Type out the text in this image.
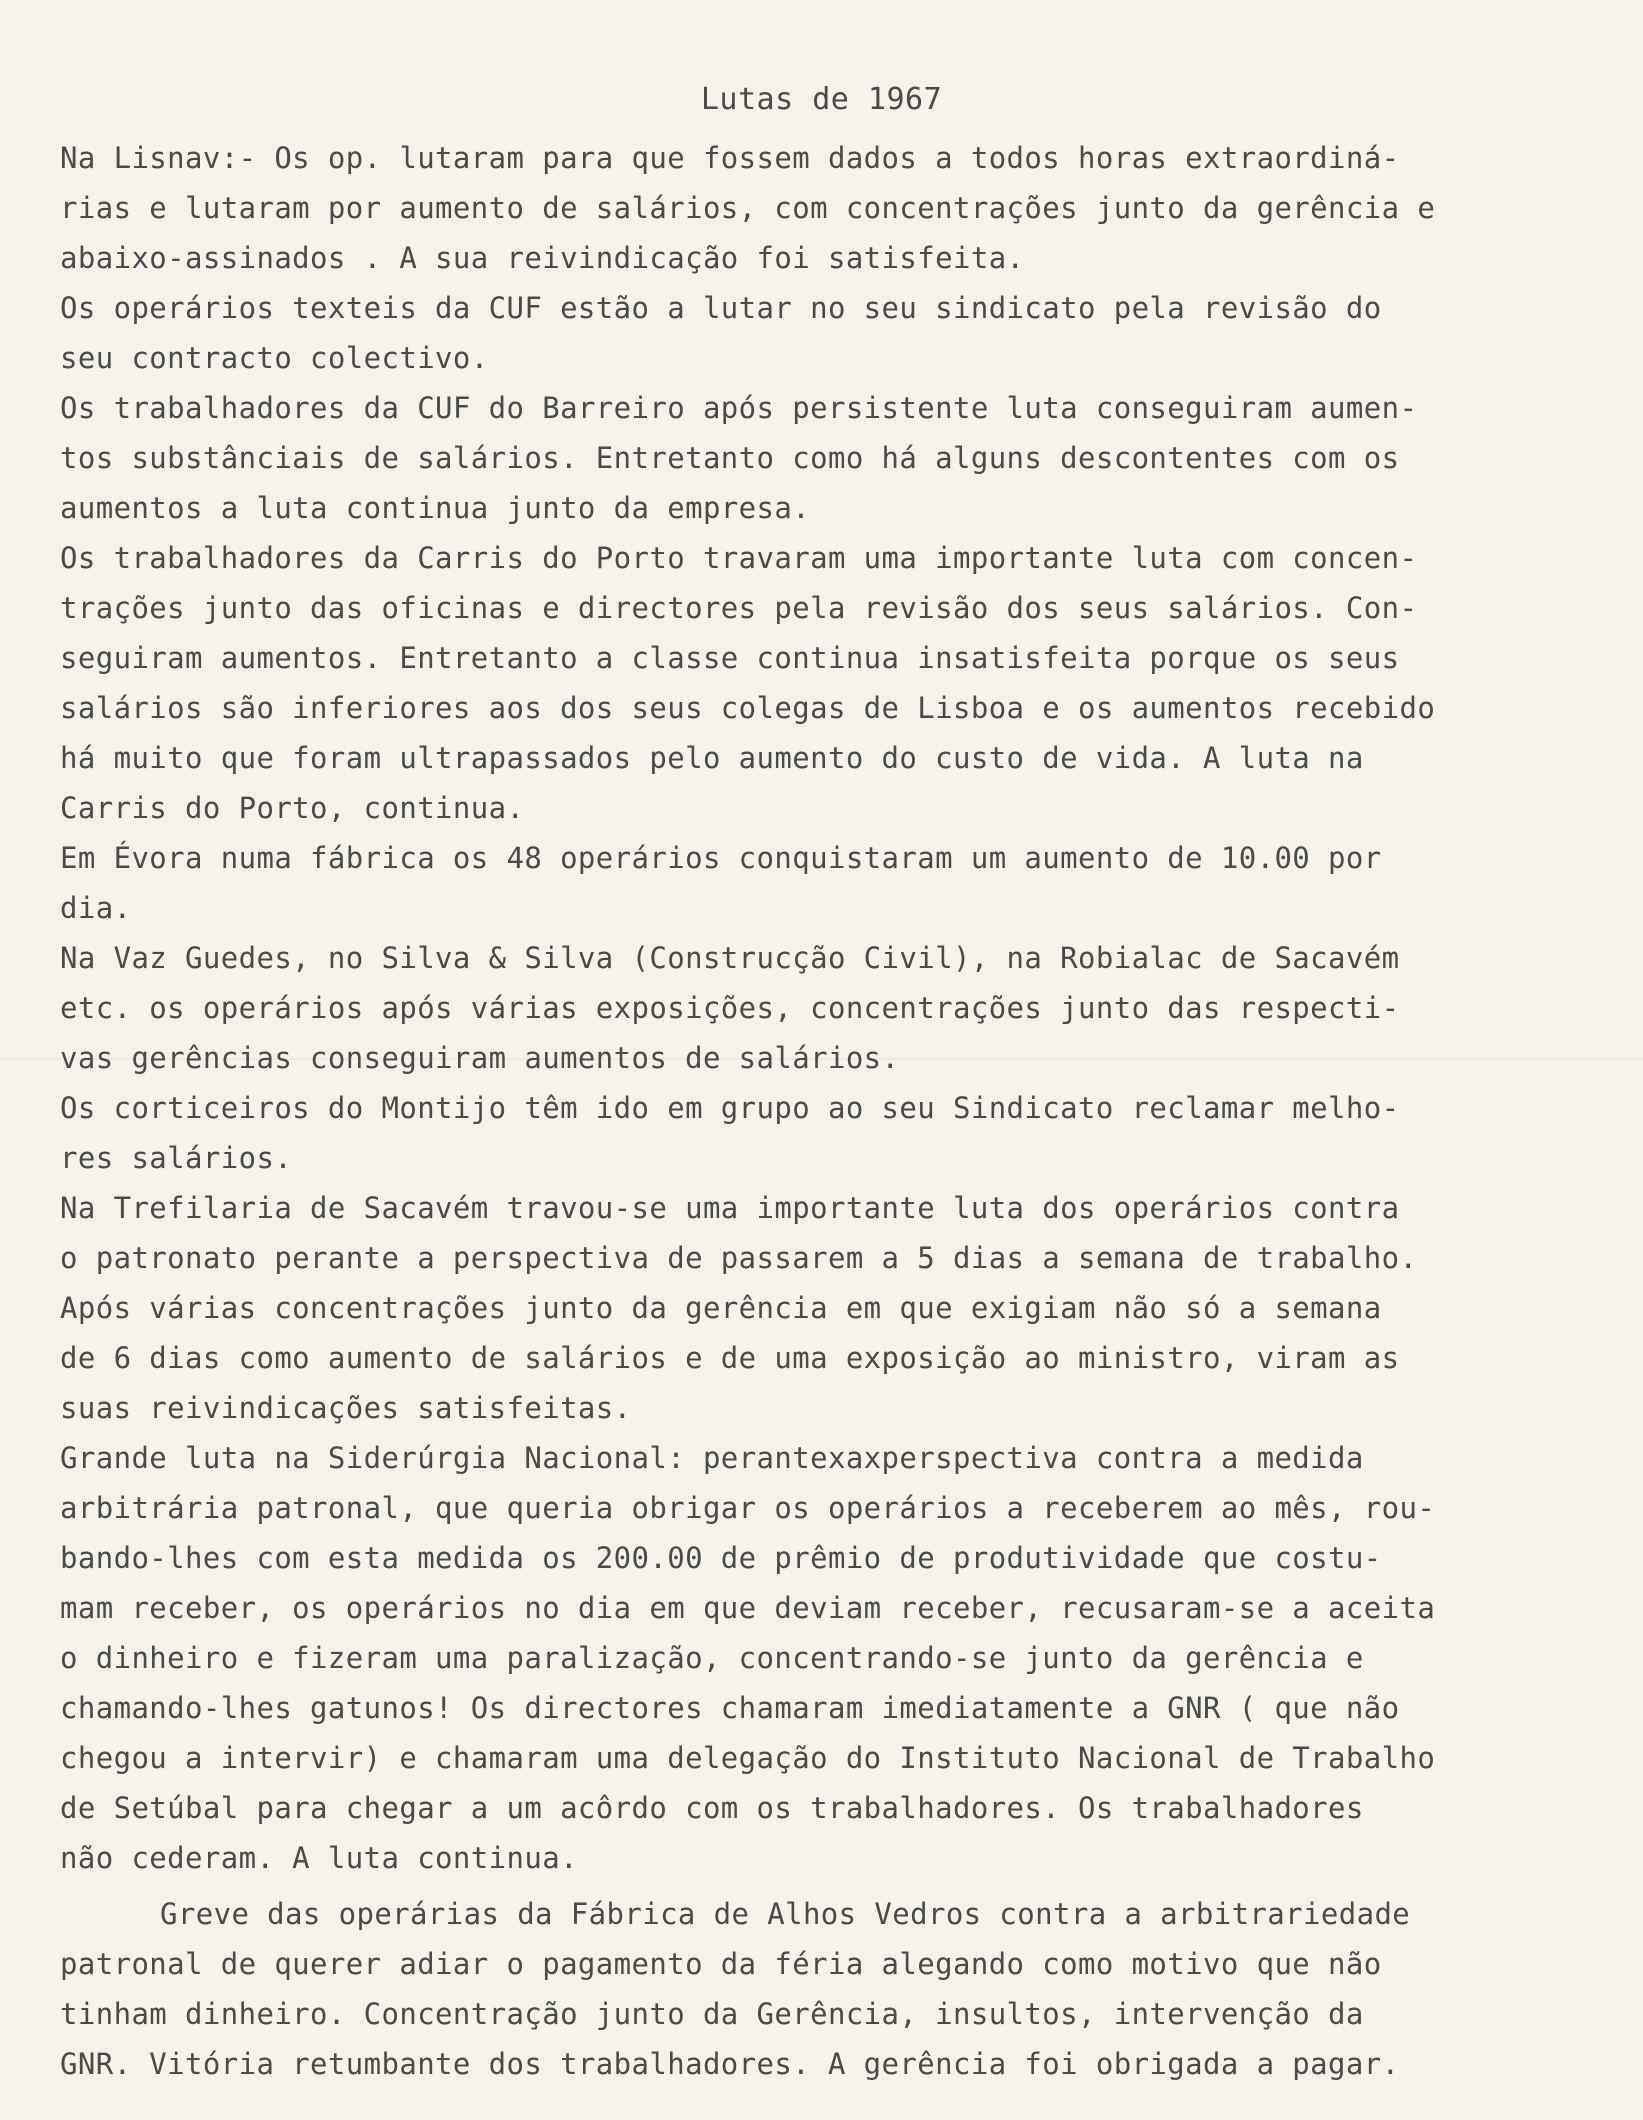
Lutas de 1967
Na Lisnav:- Os op. lutaram para que fossem dados a todos horas extraordiná-
rias e lutaram por aumento de salários, com concentrações junto da gerência e
abaixo-assinados . A sua reivindicação foi satisfeita.
Os operários texteis da CUF estão a lutar no seu sindicato pela revisão do
seu contracto colectivo.
Os trabalhadores da CUF do Barreiro após persistente luta conseguiram aumen-
tos substânciais de salários. Entretanto como há alguns descontentes com os
aumentos a luta continua junto da empresa.
Os trabalhadores da Carris do Porto travaram uma importante luta com concen-
trações junto das oficinas e directores pela revisão dos seus salários. Con-
seguiram aumentos. Entretanto a classe continua insatisfeita porque os seus
salários são inferiores aos dos seus colegas de Lisboa e os aumentos recebido
há muito que foram ultrapassados pelo aumento do custo de vida. A luta na
Carris do Porto, continua.
Em Évora numa fábrica os 48 operários conquistaram um aumento de 10.00 por
dia.
Na Vaz Guedes, no Silva & Silva (Construcção Civil), na Robialac de Sacavém
etc. os operários após várias exposições, concentrações junto das respecti-
vas gerências conseguiram aumentos de salários.
Os corticeiros do Montijo têm ido em grupo ao seu Sindicato reclamar melho-
res salários.
Na Trefilaria de Sacavém travou-se uma importante luta dos operários contra
o patronato perante a perspectiva de passarem a 5 dias a semana de trabalho.
Após várias concentrações junto da gerência em que exigiam não só a semana
de 6 dias como aumento de salários e de uma exposição ao ministro, viram as
suas reivindicações satisfeitas.
Grande luta na Siderúrgia Nacional: perantexaxperspectiva contra a medida
arbitrária patronal, que queria obrigar os operários a receberem ao mês, rou-
bando-lhes com esta medida os 200.00 de prêmio de produtividade que costu-
mam receber, os operários no dia em que deviam receber, recusaram-se a aceita
o dinheiro e fizeram uma paralização, concentrando-se junto da gerência e
chamando-lhes gatunos! Os directores chamaram imediatamente a GNR ( que não
chegou a intervir) e chamaram uma delegação do Instituto Nacional de Trabalho
de Setúbal para chegar a um acôrdo com os trabalhadores. Os trabalhadores
não cederam. A luta continua.
Greve das operárias da Fábrica de Alhos Vedros contra a arbitrariedade
patronal de querer adiar o pagamento da féria alegando como motivo que não
tinham dinheiro. Concentração junto da Gerência, insultos, intervenção da
GNR. Vitória retumbante dos trabalhadores. A gerência foi obrigada a pagar.
